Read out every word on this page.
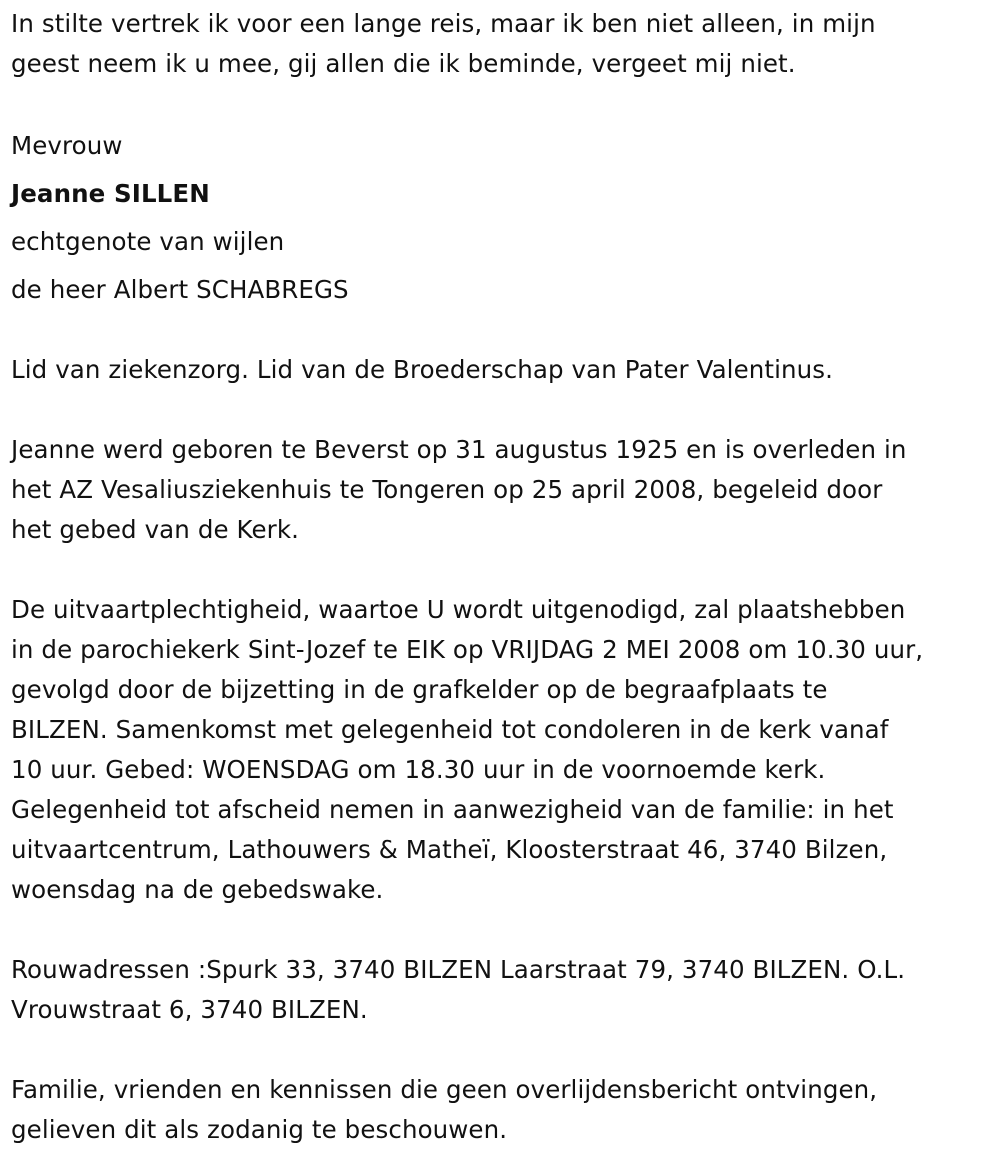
In stilte vertrek ik voor een lange reis, maar ik ben niet alleen, in mijn

geest neem ik u mee, gij allen die ik beminde, vergeet mij niet.

Mevrouw

Jeanne SILLEN

echtgenote van wijlen

de heer Albert SCHABREGS

Lid van ziekenzorg. Lid van de Broederschap van Pater Valentinus.

Jeanne werd geboren te Beverst op 31 augustus 1925 en is overleden in

het AZ Vesaliusziekenhuis te Tongeren op 25 april 2008, begeleid door

het gebed van de Kerk.

De uitvaartplechtigheid, waartoe U wordt uitgenodigd, zal plaatshebben

in de parochiekerk Sint-Jozef te EIK op VRIJDAG 2 MEI 2008 om 10.30 uur,

gevolgd door de bijzetting in de grafkelder op de begraafplaats te

BILZEN. Samenkomst met gelegenheid tot condoleren in de kerk vanaf

10 uur. Gebed: WOENSDAG om 18.30 uur in de voornoemde kerk.

Gelegenheid tot afscheid nemen in aanwezigheid van de familie: in het

uitvaartcentrum, Lathouwers & Matheï, Kloosterstraat 46, 3740 Bilzen,

woensdag na de gebedswake.

Rouwadressen :Spurk 33, 3740 BILZEN Laarstraat 79, 3740 BILZEN. O.L.

Vrouwstraat 6, 3740 BILZEN.

Familie, vrienden en kennissen die geen overlijdensbericht ontvingen,

gelieven dit als zodanig te beschouwen.
